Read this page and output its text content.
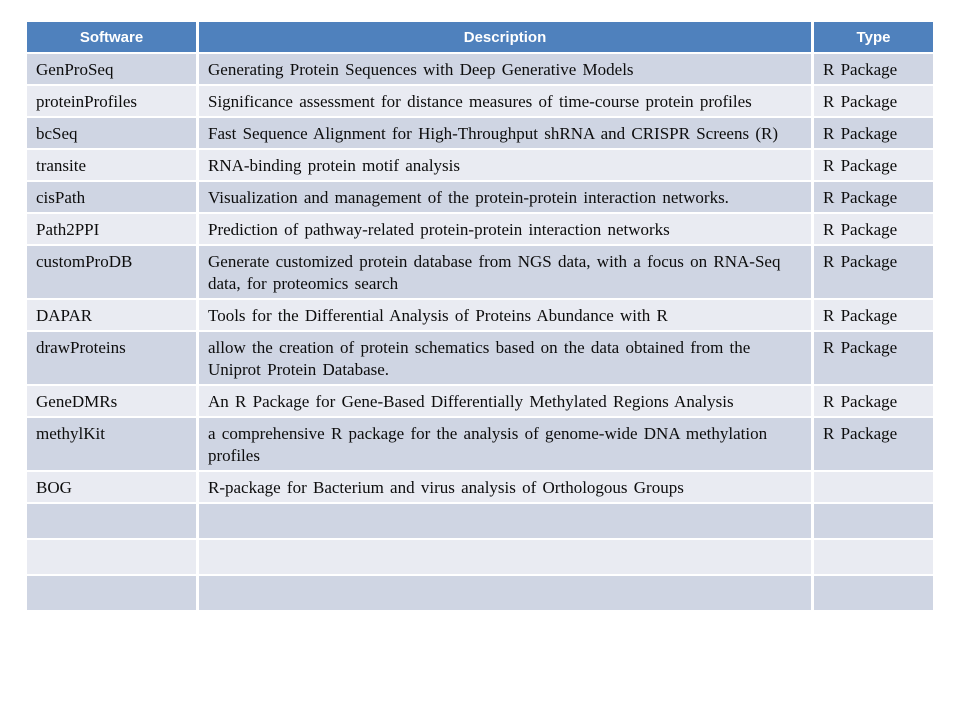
Software	Description	Type
GenProSeq	Generating Protein Sequences with Deep Generative Models	R Package
proteinProfiles	Significance assessment for distance measures of time-course protein profiles	R Package
bcSeq	Fast Sequence Alignment for High-Throughput shRNA and CRISPR Screens (R)	R Package
transite	RNA-binding protein motif analysis	R Package
cisPath	Visualization and management of the protein-protein interaction networks.	R Package
Path2PPI	Prediction of pathway-related protein-protein interaction networks	R Package
customProDB	Generate customized protein database from NGS data, with a focus on RNA-Seq data, for proteomics search	R Package
DAPAR	Tools for the Differential Analysis of Proteins Abundance with R	R Package
drawProteins	allow the creation of protein schematics based on the data obtained from the Uniprot Protein Database.	R Package
GeneDMRs	An R Package for Gene-Based Differentially Methylated Regions Analysis	R Package
methylKit	a comprehensive R package for the analysis of genome-wide DNA methylation profiles	R Package
BOG	R-package for Bacterium and virus analysis of Orthologous Groups	
